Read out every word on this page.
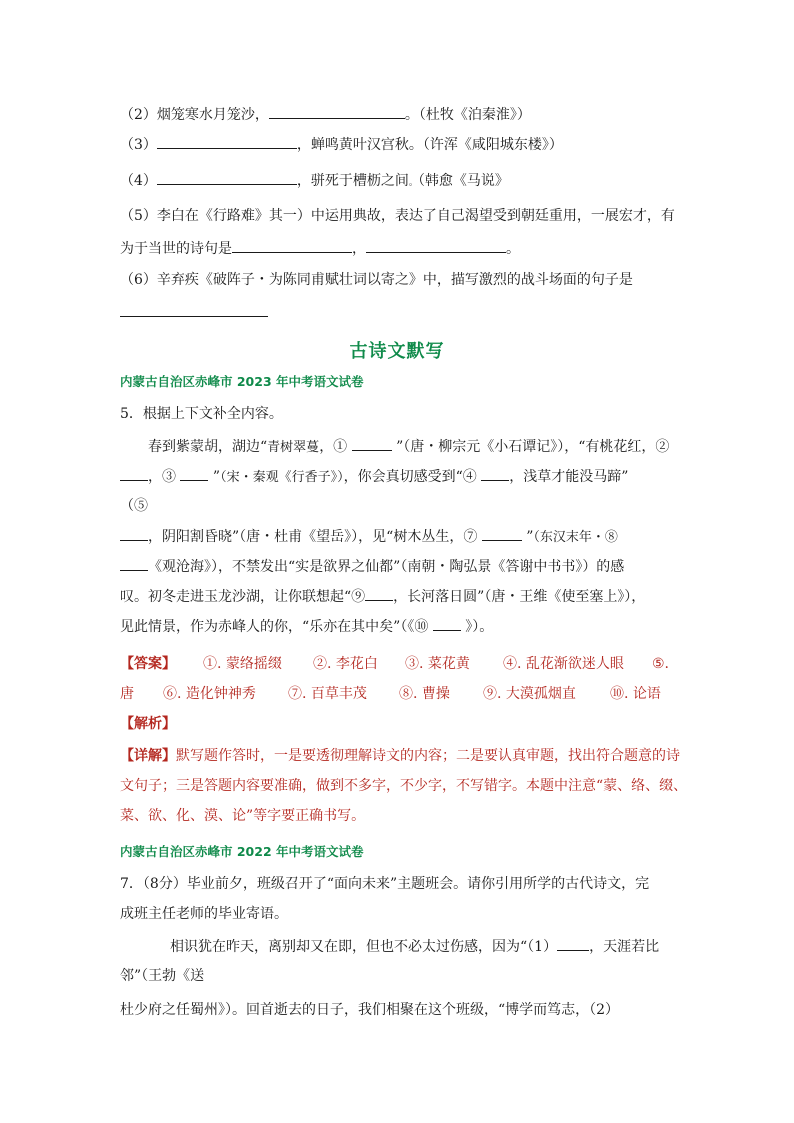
（2）烟笼寒水月笼沙，	。（杜牧《泊秦淮》）
（3）	，蝉鸣黄叶汉宫秋。（许浑《咸阳城东楼》）
（4）	，骈死于槽枥之间。（韩愈《马说》
（5）李白在《行路难》其一）中运用典故，表达了自己渴望受到朝廷重用，一展宏才，有
为于当世的诗句是	，	。
（6）辛弃疾《破阵子・为陈同甫赋壮词以寄之》中，描写激烈的战斗场面的句子是
古诗文默写
内蒙古自治区赤峰市 2023 年中考语文试卷
5．根据上下文补全内容。
春到紫蒙胡，湖边“青树翠蔓，①	”（唐・柳宗元《小石谭记》），“有桃花红，②
，③	”（宋・秦观《行香子》），你会真切感受到“④ ，浅草才能没马蹄”
（⑤
，阴阳割昏晓”（唐・杜甫《望岳》），见“树木丛生，⑦	”（东汉末年・⑧
《观沧海》），不禁发出“实是欲界之仙都”（南朝・陶弘景《答谢中书书》）的感
叹。初冬走进玉龙沙湖，让你联想起“⑨ ，长河落日圆”（唐・王维《使至塞上》），
见此情景，作为赤峰人的你，“乐亦在其中矣”（《⑩	》）。
【答案】 ①. 蒙络摇缀 ②. 李花白 ③. 菜花黄 ④. 乱花渐欲迷人眼 ⑤.
唐 ⑥. 造化钟神秀 ⑦. 百草丰茂 ⑧. 曹操 ⑨. 大漠孤烟直 ⑩. 论语
【解析】
【详解】默写题作答时，一是要透彻理解诗文的内容；二是要认真审题，找出符合题意的诗
文句子；三是答题内容要准确，做到不多字，不少字，不写错字。本题中注意“蒙、络、缀、
菜、欲、化、漠、论”等字要正确书写。
内蒙古自治区赤峰市 2022 年中考语文试卷
7．（8分）毕业前夕，班级召开了“面向未来”主题班会。请你引用所学的古代诗文，完
成班主任老师的毕业寄语。
相识犹在昨天，离别却又在即，但也不必太过伤感，因为“（1） ，天涯若比
邻”（王勃《送
杜少府之任蜀州》）。回首逝去的日子，我们相聚在这个班级，“博学而笃志，（2）
